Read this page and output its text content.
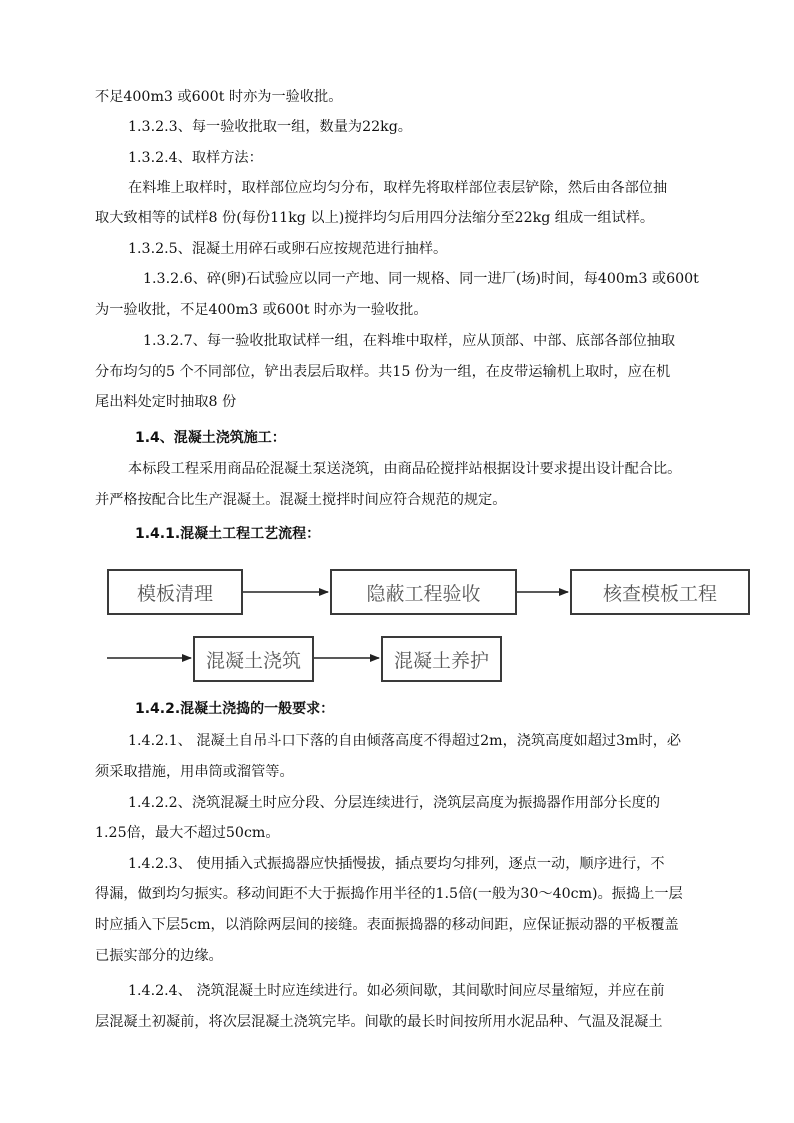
不足400m3 或600t 时亦为一验收批。
1.3.2.3、每一验收批取一组，数量为22kg。
1.3.2.4、取样方法：
在料堆上取样时，取样部位应均匀分布，取样先将取样部位表层铲除，然后由各部位抽
取大致相等的试样8 份(每份11kg 以上)搅拌均匀后用四分法缩分至22kg 组成一组试样。
1.3.2.5、混凝土用碎石或卵石应按规范进行抽样。
1.3.2.6、碎(卵)石试验应以同一产地、同一规格、同一进厂(场)时间，每400m3 或600t
为一验收批，不足400m3 或600t 时亦为一验收批。
1.3.2.7、每一验收批取试样一组，在料堆中取样，应从顶部、中部、底部各部位抽取
分布均匀的5 个不同部位，铲出表层后取样。共15 份为一组，在皮带运输机上取时，应在机
尾出料处定时抽取8 份
1.4、混凝土浇筑施工：
本标段工程采用商品砼混凝土泵送浇筑，由商品砼搅拌站根据设计要求提出设计配合比。
并严格按配合比生产混凝土。混凝土搅拌时间应符合规范的规定。
1.4.1.混凝土工程工艺流程：
模板清理	隐蔽工程验收	核查模板工程
混凝土浇筑	混凝土养护
1.4.2.混凝土浇捣的一般要求：
1.4.2.1、 混凝土自吊斗口下落的自由倾落高度不得超过2m，浇筑高度如超过3m时，必
须采取措施，用串筒或溜管等。
1.4.2.2、浇筑混凝土时应分段、分层连续进行，浇筑层高度为振捣器作用部分长度的
1.25倍，最大不超过50cm。
1.4.2.3、 使用插入式振捣器应快插慢拔，插点要均匀排列，逐点一动，顺序进行，不
得漏，做到均匀振实。移动间距不大于振捣作用半径的1.5倍(一般为30～40cm)。振捣上一层
时应插入下层5cm，以消除两层间的接缝。表面振捣器的移动间距，应保证振动器的平板覆盖
已振实部分的边缘。
1.4.2.4、 浇筑混凝土时应连续进行。如必须间歇，其间歇时间应尽量缩短，并应在前
层混凝土初凝前，将次层混凝土浇筑完毕。间歇的最长时间按所用水泥品种、气温及混凝土
